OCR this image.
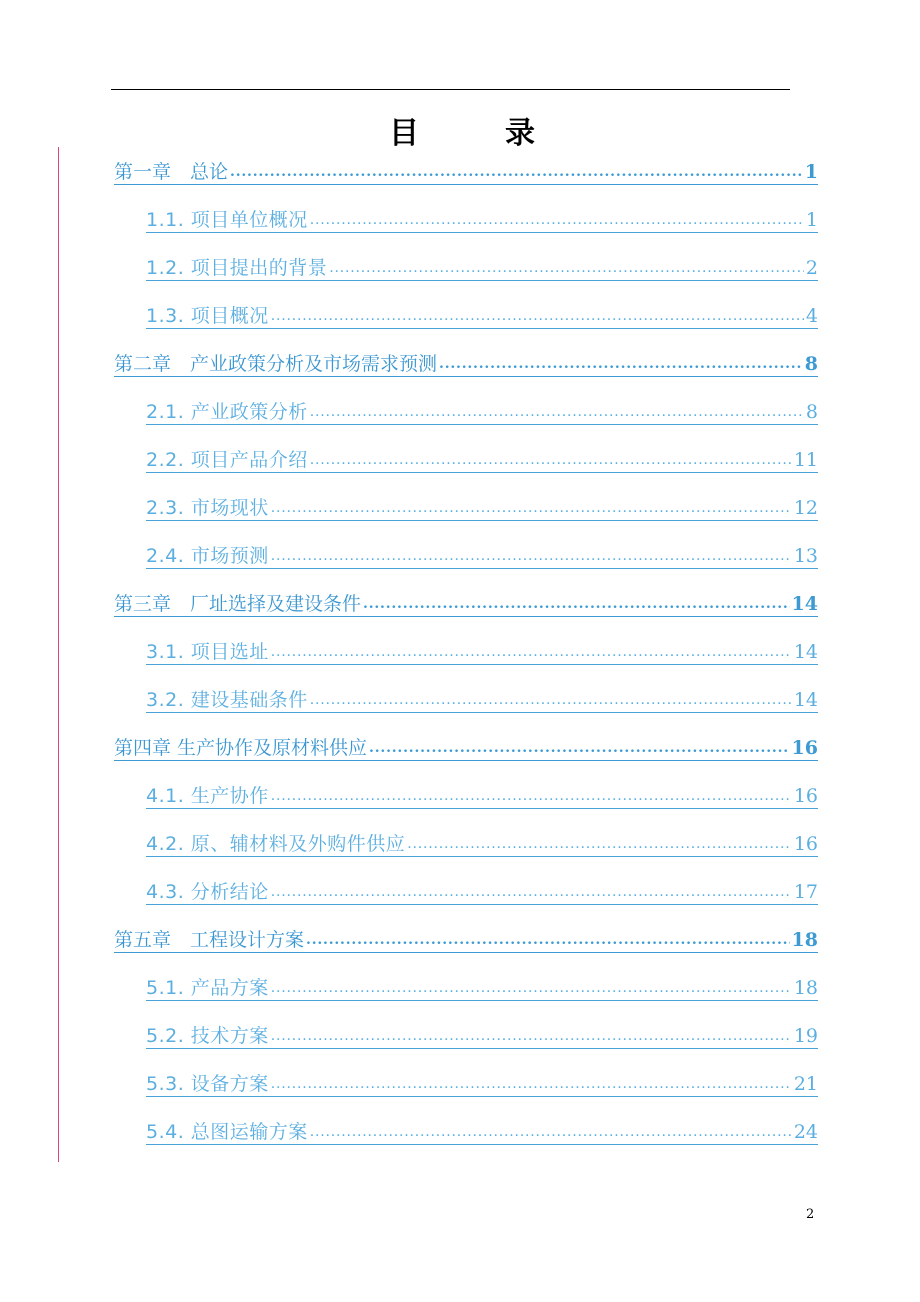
目　录
第一章　总论 .....	1
1.1. 项目单位概况 .....	1
1.2. 项目提出的背景 .....	2
1.3. 项目概况 .....	4
第二章　产业政策分析及市场需求预测 .....	8
2.1. 产业政策分析 .....	8
2.2. 项目产品介绍 .....	11
2.3. 市场现状 .....	12
2.4. 市场预测 .....	13
第三章　厂址选择及建设条件 .....	14
3.1. 项目选址 .....	14
3.2. 建设基础条件 .....	14
第四章 生产协作及原材料供应 .....	16
4.1. 生产协作 .....	16
4.2. 原、辅材料及外购件供应 .....	16
4.3. 分析结论 .....	17
第五章　工程设计方案 .....	18
5.1. 产品方案 .....	18
5.2. 技术方案 .....	19
5.3. 设备方案 .....	21
5.4. 总图运输方案 .....	24
2
